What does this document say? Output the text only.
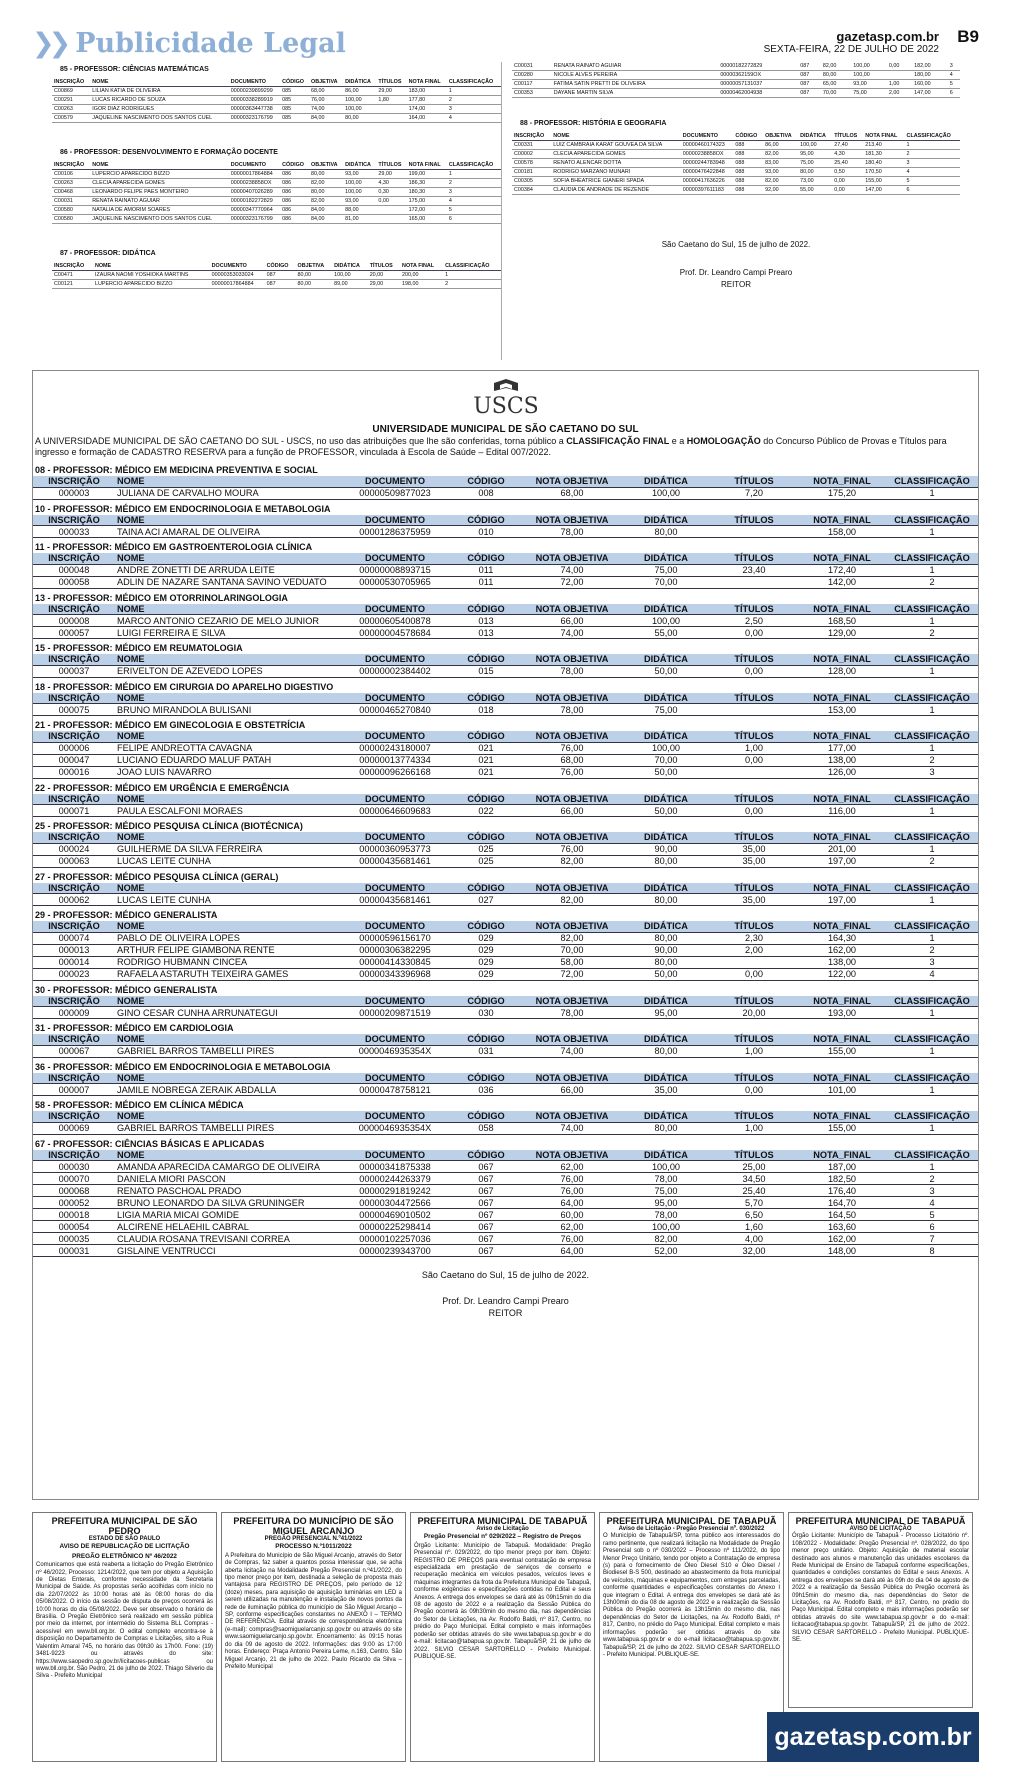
❯❯ Publicidade Legal	gazetasp.com.br
SEXTA-FEIRA, 22 DE JULHO DE 2022
B9
85 - PROFESSOR: CIÊNCIAS MATEMÁTICAS
INSCRIÇÃO	NOME	DOCUMENTO	CÓDIGO	OBJETIVA	DIDÁTICA	TÍTULOS	NOTA FINAL	CLASSIFICAÇÃO
C00869	LILIAN KATIA DE OLIVEIRA	00000239899299	085	68,00	86,00	29,00	183,00	1
C00291	LUCAS RICARDO DE SOUZA	00000338289919	085	76,00	100,00	1,80	177,80	2
C00263	IGOR DIAZ RODRIGUES	00000363447738	085	74,00	100,00		174,00	3
C00579	JAQUELINE NASCIMENTO DOS SANTOS CUEL	00000323176799	085	84,00	80,00		164,00	4
86 - PROFESSOR: DESENVOLVIMENTO E FORMAÇÃO DOCENTE
INSCRIÇÃO	NOME	DOCUMENTO	CÓDIGO	OBJETIVA	DIDÁTICA	TÍTULOS	NOTA FINAL	CLASSIFICAÇÃO
C00106	LUPERCIO APARECIDO BIZZO	00000017864884	086	80,00	93,00	29,00	199,00	1
C00263	CLECIA APARECIDA GOMES	00000238858OX	086	82,00	100,00	4,30	186,30	2
C00468	LEONARDO FELIPE PAES MONTEIRO	00000407026289	086	80,00	100,00	0,30	180,30	3
C00031	RENATA RAINATO AGUIAR	00000182272829	086	82,00	93,00	0,00	175,00	4
C00580	NATALIA DE AMORIM SOARES	00000347770964	086	84,00	88,00		172,00	5
C00580	JAQUELINE NASCIMENTO DOS SANTOS CUEL	00000323176799	086	84,00	81,00		165,00	6
87 - PROFESSOR: DIDÁTICA
INSCRIÇÃO	NOME	DOCUMENTO	CÓDIGO	OBJETIVA	DIDÁTICA	TÍTULOS	NOTA FINAL	CLASSIFICAÇÃO
C00471	IZAURA NAOMI YOSHIOKA MARTINS	00000353033024	087	80,00	100,00	20,00	200,00	1
C00121	LUPERCIO APARECIDO BIZZO	00000017864884	087	80,00	89,00	29,00	198,00	2
C00031	RENATA RAINATO AGUIAR	00000182272829	087	82,00	100,00	0,00	182,00	3
C00280	NICOLE ALVES PEREIRA	00000362159OX	087	80,00	100,00		180,00	4
C00117	FATIMA SATIN PRETTI DE OLIVEIRA	00000057131037	087	65,00	93,00	1,00	160,00	5
C00353	DAYANE MARTIN SILVA	00000462004938	087	70,00	75,00	2,00	147,00	6
88 - PROFESSOR: HISTÓRIA E GEOGRAFIA
INSCRIÇÃO	NOME	DOCUMENTO	CÓDIGO	OBJETIVA	DIDÁTICA	TÍTULOS	NOTA FINAL	CLASSIFICAÇÃO
C00331	LUIZ CAMBRAIA KARAT GOUVEA DA SILVA	00000460174323	088	86,00	100,00	27,40	213,40	1
C00002	CLECIA APARECIDA GOMES	00000238858OX	088	82,00	95,00	4,30	181,30	2
C00578	RENATO ALENCAR DOTTA	00000244783948	088	83,00	75,00	25,40	180,40	3
C00181	RODRIGO MARZANO MUNARI	00000476422848	088	93,00	80,00	0,50	170,50	4
C00305	SOFIA BHEATRICE GIANERI SPADA	00000417636226	088	82,00	73,00	0,00	155,00	5
C00384	CLAUDIA DE ANDRADE DE REZENDE	00000397611183	088	92,00	55,00	0,00	147,00	6
São Caetano do Sul, 15 de julho de 2022.
Prof. Dr. Leandro Campi Prearo
REITOR
USCS
UNIVERSIDADE MUNICIPAL DE SÃO CAETANO DO SUL
A UNIVERSIDADE MUNICIPAL DE SÃO CAETANO DO SUL - USCS, no uso das atribuições que lhe são conferidas, torna público a CLASSIFICAÇÃO FINAL e a HOMOLOGAÇÃO do Concurso Público de Provas e Títulos para ingresso e formação de CADASTRO RESERVA para a função de PROFESSOR, vinculada à Escola de Saúde – Edital 007/2022.
08 - PROFESSOR: MÉDICO EM MEDICINA PREVENTIVA E SOCIAL
INSCRIÇÃO	NOME	DOCUMENTO	CÓDIGO	NOTA OBJETIVA	DIDÁTICA	TÍTULOS	NOTA_FINAL	CLASSIFICAÇÃO
000003	JULIANA DE CARVALHO MOURA	00000509877023	008	68,00	100,00	7,20	175,20	1
10 - PROFESSOR: MÉDICO EM ENDOCRINOLOGIA E METABOLOGIA
INSCRIÇÃO	NOME	DOCUMENTO	CÓDIGO	NOTA OBJETIVA	DIDÁTICA	TÍTULOS	NOTA_FINAL	CLASSIFICAÇÃO
000033	TAINA ACI AMARAL DE OLIVEIRA	00001286375959	010	78,00	80,00		158,00	1
11 - PROFESSOR: MÉDICO EM GASTROENTEROLOGIA CLÍNICA
INSCRIÇÃO	NOME	DOCUMENTO	CÓDIGO	NOTA OBJETIVA	DIDÁTICA	TÍTULOS	NOTA_FINAL	CLASSIFICAÇÃO
000048	ANDRE ZONETTI DE ARRUDA LEITE	00000008893715	011	74,00	75,00	23,40	172,40	1
000058	ADLIN DE NAZARE SANTANA SAVINO VEDUATO	00000530705965	011	72,00	70,00		142,00	2
13 - PROFESSOR: MÉDICO EM OTORRINOLARINGOLOGIA
INSCRIÇÃO	NOME	DOCUMENTO	CÓDIGO	NOTA OBJETIVA	DIDÁTICA	TÍTULOS	NOTA_FINAL	CLASSIFICAÇÃO
000008	MARCO ANTONIO CEZARIO DE MELO JUNIOR	00000605400878	013	66,00	100,00	2,50	168,50	1
000057	LUIGI FERREIRA E SILVA	00000004578684	013	74,00	55,00	0,00	129,00	2
15 - PROFESSOR: MÉDICO EM REUMATOLOGIA
INSCRIÇÃO	NOME	DOCUMENTO	CÓDIGO	NOTA OBJETIVA	DIDÁTICA	TÍTULOS	NOTA_FINAL	CLASSIFICAÇÃO
000037	ERIVELTON DE AZEVEDO LOPES	00000002384402	015	78,00	50,00	0,00	128,00	1
18 - PROFESSOR: MÉDICO EM CIRURGIA DO APARELHO DIGESTIVO
INSCRIÇÃO	NOME	DOCUMENTO	CÓDIGO	NOTA OBJETIVA	DIDÁTICA	TÍTULOS	NOTA_FINAL	CLASSIFICAÇÃO
000075	BRUNO MIRANDOLA BULISANI	00000465270840	018	78,00	75,00		153,00	1
21 - PROFESSOR: MÉDICO EM GINECOLOGIA E OBSTETRÍCIA
INSCRIÇÃO	NOME	DOCUMENTO	CÓDIGO	NOTA OBJETIVA	DIDÁTICA	TÍTULOS	NOTA_FINAL	CLASSIFICAÇÃO
000006	FELIPE ANDREOTTA CAVAGNA	00000243180007	021	76,00	100,00	1,00	177,00	1
000047	LUCIANO EDUARDO MALUF PATAH	00000013774334	021	68,00	70,00	0,00	138,00	2
000016	JOAO LUIS NAVARRO	00000096266168	021	76,00	50,00		126,00	3
22 - PROFESSOR: MÉDICO EM URGÊNCIA E EMERGÊNCIA
INSCRIÇÃO	NOME	DOCUMENTO	CÓDIGO	NOTA OBJETIVA	DIDÁTICA	TÍTULOS	NOTA_FINAL	CLASSIFICAÇÃO
000071	PAULA ESCALFONI MORAES	00000646609683	022	66,00	50,00	0,00	116,00	1
25 - PROFESSOR: MÉDICO PESQUISA CLÍNICA (BIOTÉCNICA)
INSCRIÇÃO	NOME	DOCUMENTO	CÓDIGO	NOTA OBJETIVA	DIDÁTICA	TÍTULOS	NOTA_FINAL	CLASSIFICAÇÃO
000024	GUILHERME DA SILVA FERREIRA	00000360953773	025	76,00	90,00	35,00	201,00	1
000063	LUCAS LEITE CUNHA	00000435681461	025	82,00	80,00	35,00	197,00	2
27 - PROFESSOR: MÉDICO PESQUISA CLÍNICA (GERAL)
INSCRIÇÃO	NOME	DOCUMENTO	CÓDIGO	NOTA OBJETIVA	DIDÁTICA	TÍTULOS	NOTA_FINAL	CLASSIFICAÇÃO
000062	LUCAS LEITE CUNHA	00000435681461	027	82,00	80,00	35,00	197,00	1
29 - PROFESSOR: MÉDICO GENERALISTA
INSCRIÇÃO	NOME	DOCUMENTO	CÓDIGO	NOTA OBJETIVA	DIDÁTICA	TÍTULOS	NOTA_FINAL	CLASSIFICAÇÃO
000074	PABLO DE OLIVEIRA LOPES	00000596156170	029	82,00	80,00	2,30	164,30	1
000013	ARTHUR FELIPE GIAMBONA RENTE	00000306382295	029	70,00	90,00	2,00	162,00	2
000014	RODRIGO HUBMANN CINCEA	00000414330845	029	58,00	80,00		138,00	3
000023	RAFAELA ASTARUTH TEIXEIRA GAMES	00000343396968	029	72,00	50,00	0,00	122,00	4
30 - PROFESSOR: MÉDICO GENERALISTA
INSCRIÇÃO	NOME	DOCUMENTO	CÓDIGO	NOTA OBJETIVA	DIDÁTICA	TÍTULOS	NOTA_FINAL	CLASSIFICAÇÃO
000009	GINO CESAR CUNHA ARRUNATEGUI	00000209871519	030	78,00	95,00	20,00	193,00	1
31 - PROFESSOR: MÉDICO EM CARDIOLOGIA
INSCRIÇÃO	NOME	DOCUMENTO	CÓDIGO	NOTA OBJETIVA	DIDÁTICA	TÍTULOS	NOTA_FINAL	CLASSIFICAÇÃO
000067	GABRIEL BARROS TAMBELLI PIRES	0000046935354X	031	74,00	80,00	1,00	155,00	1
36 - PROFESSOR: MÉDICO EM ENDOCRINOLOGIA E METABOLOGIA
INSCRIÇÃO	NOME	DOCUMENTO	CÓDIGO	NOTA OBJETIVA	DIDÁTICA	TÍTULOS	NOTA_FINAL	CLASSIFICAÇÃO
000007	JAMILE NOBREGA ZERAIK ABDALLA	00000478758121	036	66,00	35,00	0,00	101,00	1
58 - PROFESSOR: MÉDICO EM CLÍNICA MÉDICA
INSCRIÇÃO	NOME	DOCUMENTO	CÓDIGO	NOTA OBJETIVA	DIDÁTICA	TÍTULOS	NOTA_FINAL	CLASSIFICAÇÃO
000069	GABRIEL BARROS TAMBELLI PIRES	0000046935354X	058	74,00	80,00	1,00	155,00	1
67 - PROFESSOR: CIÊNCIAS BÁSICAS E APLICADAS
INSCRIÇÃO	NOME	DOCUMENTO	CÓDIGO	NOTA OBJETIVA	DIDÁTICA	TÍTULOS	NOTA_FINAL	CLASSIFICAÇÃO
000030	AMANDA APARECIDA CAMARGO DE OLIVEIRA	00000341875338	067	62,00	100,00	25,00	187,00	1
000070	DANIELA MIORI PASCON	00000244263379	067	76,00	78,00	34,50	182,50	2
000068	RENATO PASCHOAL PRADO	00000291819242	067	76,00	75,00	25,40	176,40	3
000052	BRUNO LEONARDO DA SILVA GRUNINGER	00000304472566	067	64,00	95,00	5,70	164,70	4
000018	LIGIA MARIA MICAI GOMIDE	00000469010502	067	60,00	78,00	6,50	164,50	5
000054	ALCIRENE HELAEHIL CABRAL	00000225298414	067	62,00	100,00	1,60	163,60	6
000035	CLAUDIA ROSANA TREVISANI CORREA	00000102257036	067	76,00	82,00	4,00	162,00	7
000031	GISLAINE VENTRUCCI	00000239343700	067	64,00	52,00	32,00	148,00	8
São Caetano do Sul, 15 de julho de 2022.
Prof. Dr. Leandro Campi Prearo
REITOR
PREFEITURA MUNICIPAL DE SÃO PEDRO
ESTADO DE SÃO PAULO
AVISO DE REPUBLICAÇÃO DE LICITAÇÃO
PREGÃO ELETRÔNICO Nº 46/2022

Comunicamos que está reaberta a licitação do Pregão Eletrônico nº 46/2022, Processo: 1214/2022, que tem por objeto a Aquisição de Dietas Enterais, conforme necessidade da Secretaria Municipal de Saúde. As propostas serão acolhidas com início no dia 22/07/2022 às 10:00 horas até às 08:00 horas do dia 05/08/2022. O início da sessão de disputa de preços ocorrerá às 10:00 horas do dia 05/08/2022. Deve ser observado o horário de Brasília. O Pregão Eletrônico será realizado em sessão pública por meio da internet, por intermédio do Sistema BLL Compras - acessível em www.bll.org.br. O edital completo encontra-se à disposição no Departamento de Compras e Licitações, sito a Rua Valentim Amaral 745, no horário das 09h30 às 17h00. Fone: (19) 3481-9223 ou através do site: https://www.saopedro.sp.gov.br/licitacoes-publicas ou www.bll.org.br. São Pedro, 21 de julho de 2022. Thiago Silverio da Silva - Prefeito Municipal

PREFEITURA DO MUNICÍPIO DE SÃO MIGUEL ARCANJO
PREGÃO PRESENCIAL N.º41/2022
PROCESSO N.º1011/2022

A Prefeitura do Município de São Miguel Arcanjo, através do Setor de Compras, faz saber a quantos possa interessar que, se acha aberta licitação na Modalidade Pregão Presencial n.º41/2022, do tipo menor preço por item, destinada a seleção de proposta mais vantajosa para REGISTRO DE PREÇOS, pelo período de 12 (doze) meses, para aquisição de aquisição luminárias em LED a serem utilizadas na manutenção e instalação de novos pontos da rede de iluminação pública do município de São Miguel Arcanjo – SP, conforme especificações constantes no ANEXO I – TERMO DE REFERÊNCIA. Edital através de correspondência eletrônica (e-mail): compras@saomiguelarcanjo.sp.gov.br ou através do site www.saomiguelarcanjo.sp.gov.br. Encerramento: às 09:15 horas do dia 09 de agosto de 2022. Informações: das 9:00 às 17:00 horas. Endereço: Praça Antonio Pereira Leme, n.163, Centro. São Miguel Arcanjo, 21 de julho de 2022. Paulo Ricardo da Silva – Prefeito Municipal

PREFEITURA MUNICIPAL DE TABAPUÃ
Aviso de Licitação
Pregão Presencial nº 029/2022 – Registro de Preços

Órgão Licitante: Município de Tabapuã. Modalidade: Pregão Presencial nº. 029/2022, do tipo menor preço por item. Objeto: REGISTRO DE PREÇOS para eventual contratação de empresa especializada em prestação de serviços de conserto e recuperação mecânica em veículos pesados, veículos leves e máquinas integrantes da frota da Prefeitura Municipal de Tabapuã, conforme exigências e especificações contidas no Edital e seus Anexos. A entrega dos envelopes se dará até às 09h15min do dia 08 de agosto de 2022 e a realização da Sessão Pública do Pregão ocorrerá às 09h30min do mesmo dia, nas dependências do Setor de Licitações, na Av. Rodolfo Baldi, nº 817, Centro, no prédio do Paço Municipal. Edital completo e mais informações poderão ser obtidas através do site www.tabapua.sp.gov.br e do e-mail: licitacao@tabapua.sp.gov.br. Tabapuã/SP, 21 de julho de 2022. SILVIO CESAR SARTORELLO - Prefeito Municipal. PUBLIQUE-SE.

PREFEITURA MUNICIPAL DE TABAPUÃ
Aviso de Licitação - Pregão Presencial nº. 030/2022

O Município de Tabapuã/SP, torna público aos interessados do ramo pertinente, que realizará licitação na Modalidade de Pregão Presencial sob o nº 030/2022 – Processo nº 111/2022, do tipo Menor Preço Unitário, tendo por objeto a Contratação de empresa (s) para o fornecimento de Óleo Diesel S10 e Óleo Diesel / Biodiesel B-S 500, destinado ao abastecimento da frota municipal de veículos, máquinas e equipamentos, com entregas parceladas, conforme quantidades e especificações constantes do Anexo I que integram o Edital. A entrega dos envelopes se dará até às 13h00min do dia 08 de agosto de 2022 e a realização da Sessão Pública do Pregão ocorrerá às 13h15min do mesmo dia, nas dependências do Setor de Licitações, na Av. Rodolfo Baldi, nº 817, Centro, no prédio do Paço Municipal. Edital completo e mais informações poderão ser obtidas através do site www.tabapua.sp.gov.br e do e-mail licitacao@tabapua.sp.gov.br. Tabapuã/SP, 21 de julho de 2022. SILVIO CESAR SARTORELLO - Prefeito Municipal. PUBLIQUE-SE.

PREFEITURA MUNICIPAL DE TABAPUÃ
AVISO DE LICITAÇÃO

Órgão Licitante: Município de Tabapuã - Processo Licitatório nº. 108/2022 - Modalidade: Pregão Presencial nº. 028/2022, do tipo menor preço unitário. Objeto: Aquisição de material escolar destinado aos alunos e manutenção das unidades escolares da Rede Municipal de Ensino de Tabapuã conforme especificações, quantidades e condições constantes do Edital e seus Anexos. A entrega dos envelopes se dará até às 09h do dia 04 de agosto de 2022 e a realização da Sessão Pública do Pregão ocorrerá às 09h15min do mesmo dia, nas dependências do Setor de Licitações, na Av. Rodolfo Baldi, nº 817, Centro, no prédio do Paço Municipal. Edital completo e mais informações poderão ser obtidas através do site www.tabapua.sp.gov.br e do e-mail: licitacao@tabapua.sp.gov.br. Tabapuã/SP, 21 de julho de 2022. SILVIO CESAR SARTORELLO - Prefeito Municipal. PUBLIQUE-SE.

gazetasp.com.br
